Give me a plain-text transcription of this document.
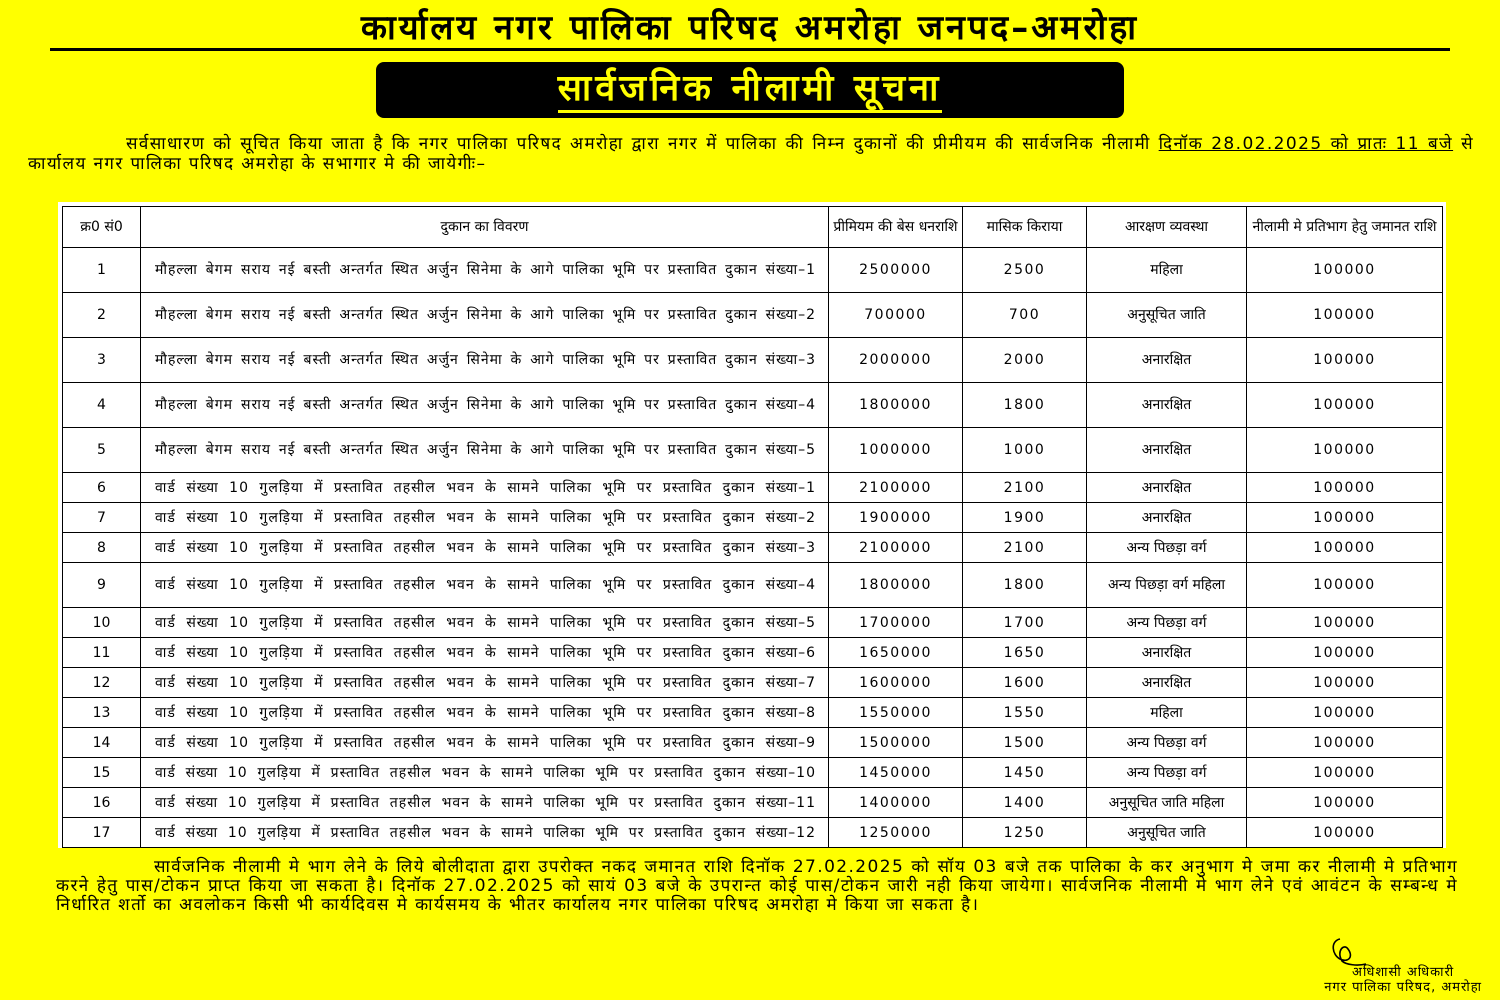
कार्यालय नगर पालिका परिषद अमरोहा जनपद–अमरोहा
सार्वजनिक नीलामी सूचना
सर्वसाधारण को सूचित किया जाता है कि नगर पालिका परिषद अमरोहा द्वारा नगर में पालिका की निम्न दुकानों की प्रीमीयम की सार्वजनिक नीलामी दिनॉक 28.02.2025 को प्रातः 11 बजे से कार्यालय नगर पालिका परिषद अमरोहा के सभागार मे की जायेगीः–
क्र0 सं0	दुकान का विवरण	प्रीमियम की बेस धनराशि	मासिक किराया	आरक्षण व्यवस्था	नीलामी मे प्रतिभाग हेतु जमानत राशि
1	मौहल्ला बेगम सराय नई बस्ती अन्तर्गत स्थित अर्जुन सिनेमा के आगे पालिका भूमि पर प्रस्तावित दुकान संख्या–1	2500000	2500	महिला	100000
2	मौहल्ला बेगम सराय नई बस्ती अन्तर्गत स्थित अर्जुन सिनेमा के आगे पालिका भूमि पर प्रस्तावित दुकान संख्या–2	700000	700	अनुसूचित जाति	100000
3	मौहल्ला बेगम सराय नई बस्ती अन्तर्गत स्थित अर्जुन सिनेमा के आगे पालिका भूमि पर प्रस्तावित दुकान संख्या–3	2000000	2000	अनारक्षित	100000
4	मौहल्ला बेगम सराय नई बस्ती अन्तर्गत स्थित अर्जुन सिनेमा के आगे पालिका भूमि पर प्रस्तावित दुकान संख्या–4	1800000	1800	अनारक्षित	100000
5	मौहल्ला बेगम सराय नई बस्ती अन्तर्गत स्थित अर्जुन सिनेमा के आगे पालिका भूमि पर प्रस्तावित दुकान संख्या–5	1000000	1000	अनारक्षित	100000
6	वार्ड संख्या 10 गुलड़िया में प्रस्तावित तहसील भवन के सामने पालिका भूमि पर प्रस्तावित दुकान संख्या–1	2100000	2100	अनारक्षित	100000
7	वार्ड संख्या 10 गुलड़िया में प्रस्तावित तहसील भवन के सामने पालिका भूमि पर प्रस्तावित दुकान संख्या–2	1900000	1900	अनारक्षित	100000
8	वार्ड संख्या 10 गुलड़िया में प्रस्तावित तहसील भवन के सामने पालिका भूमि पर प्रस्तावित दुकान संख्या–3	2100000	2100	अन्य पिछड़ा वर्ग	100000
9	वार्ड संख्या 10 गुलड़िया में प्रस्तावित तहसील भवन के सामने पालिका भूमि पर प्रस्तावित दुकान संख्या–4	1800000	1800	अन्य पिछड़ा वर्ग महिला	100000
10	वार्ड संख्या 10 गुलड़िया में प्रस्तावित तहसील भवन के सामने पालिका भूमि पर प्रस्तावित दुकान संख्या–5	1700000	1700	अन्य पिछड़ा वर्ग	100000
11	वार्ड संख्या 10 गुलड़िया में प्रस्तावित तहसील भवन के सामने पालिका भूमि पर प्रस्तावित दुकान संख्या–6	1650000	1650	अनारक्षित	100000
12	वार्ड संख्या 10 गुलड़िया में प्रस्तावित तहसील भवन के सामने पालिका भूमि पर प्रस्तावित दुकान संख्या–7	1600000	1600	अनारक्षित	100000
13	वार्ड संख्या 10 गुलड़िया में प्रस्तावित तहसील भवन के सामने पालिका भूमि पर प्रस्तावित दुकान संख्या–8	1550000	1550	महिला	100000
14	वार्ड संख्या 10 गुलड़िया में प्रस्तावित तहसील भवन के सामने पालिका भूमि पर प्रस्तावित दुकान संख्या–9	1500000	1500	अन्य पिछड़ा वर्ग	100000
15	वार्ड संख्या 10 गुलड़िया में प्रस्तावित तहसील भवन के सामने पालिका भूमि पर प्रस्तावित दुकान संख्या–10	1450000	1450	अन्य पिछड़ा वर्ग	100000
16	वार्ड संख्या 10 गुलड़िया में प्रस्तावित तहसील भवन के सामने पालिका भूमि पर प्रस्तावित दुकान संख्या–11	1400000	1400	अनुसूचित जाति महिला	100000
17	वार्ड संख्या 10 गुलड़िया में प्रस्तावित तहसील भवन के सामने पालिका भूमि पर प्रस्तावित दुकान संख्या–12	1250000	1250	अनुसूचित जाति	100000
सार्वजनिक नीलामी मे भाग लेने के लिये बोलीदाता द्वारा उपरोक्त नकद जमानत राशि दिनॉक 27.02.2025 को सॉय 03 बजे तक पालिका के कर अनुभाग मे जमा कर नीलामी मे प्रतिभाग करने हेतु पास/टोकन प्राप्त किया जा सकता है। दिनॉक 27.02.2025 को सायं 03 बजे के उपरान्त कोई पास/टोकन जारी नही किया जायेगा। सार्वजनिक नीलामी मे भाग लेने एवं आवंटन के सम्बन्ध मे निर्धारित शर्तो का अवलोकन किसी भी कार्यदिवस मे कार्यसमय के भीतर कार्यालय नगर पालिका परिषद अमरोहा मे किया जा सकता है।
अधिशासी अधिकारी
नगर पालिका परिषद, अमरोहा
